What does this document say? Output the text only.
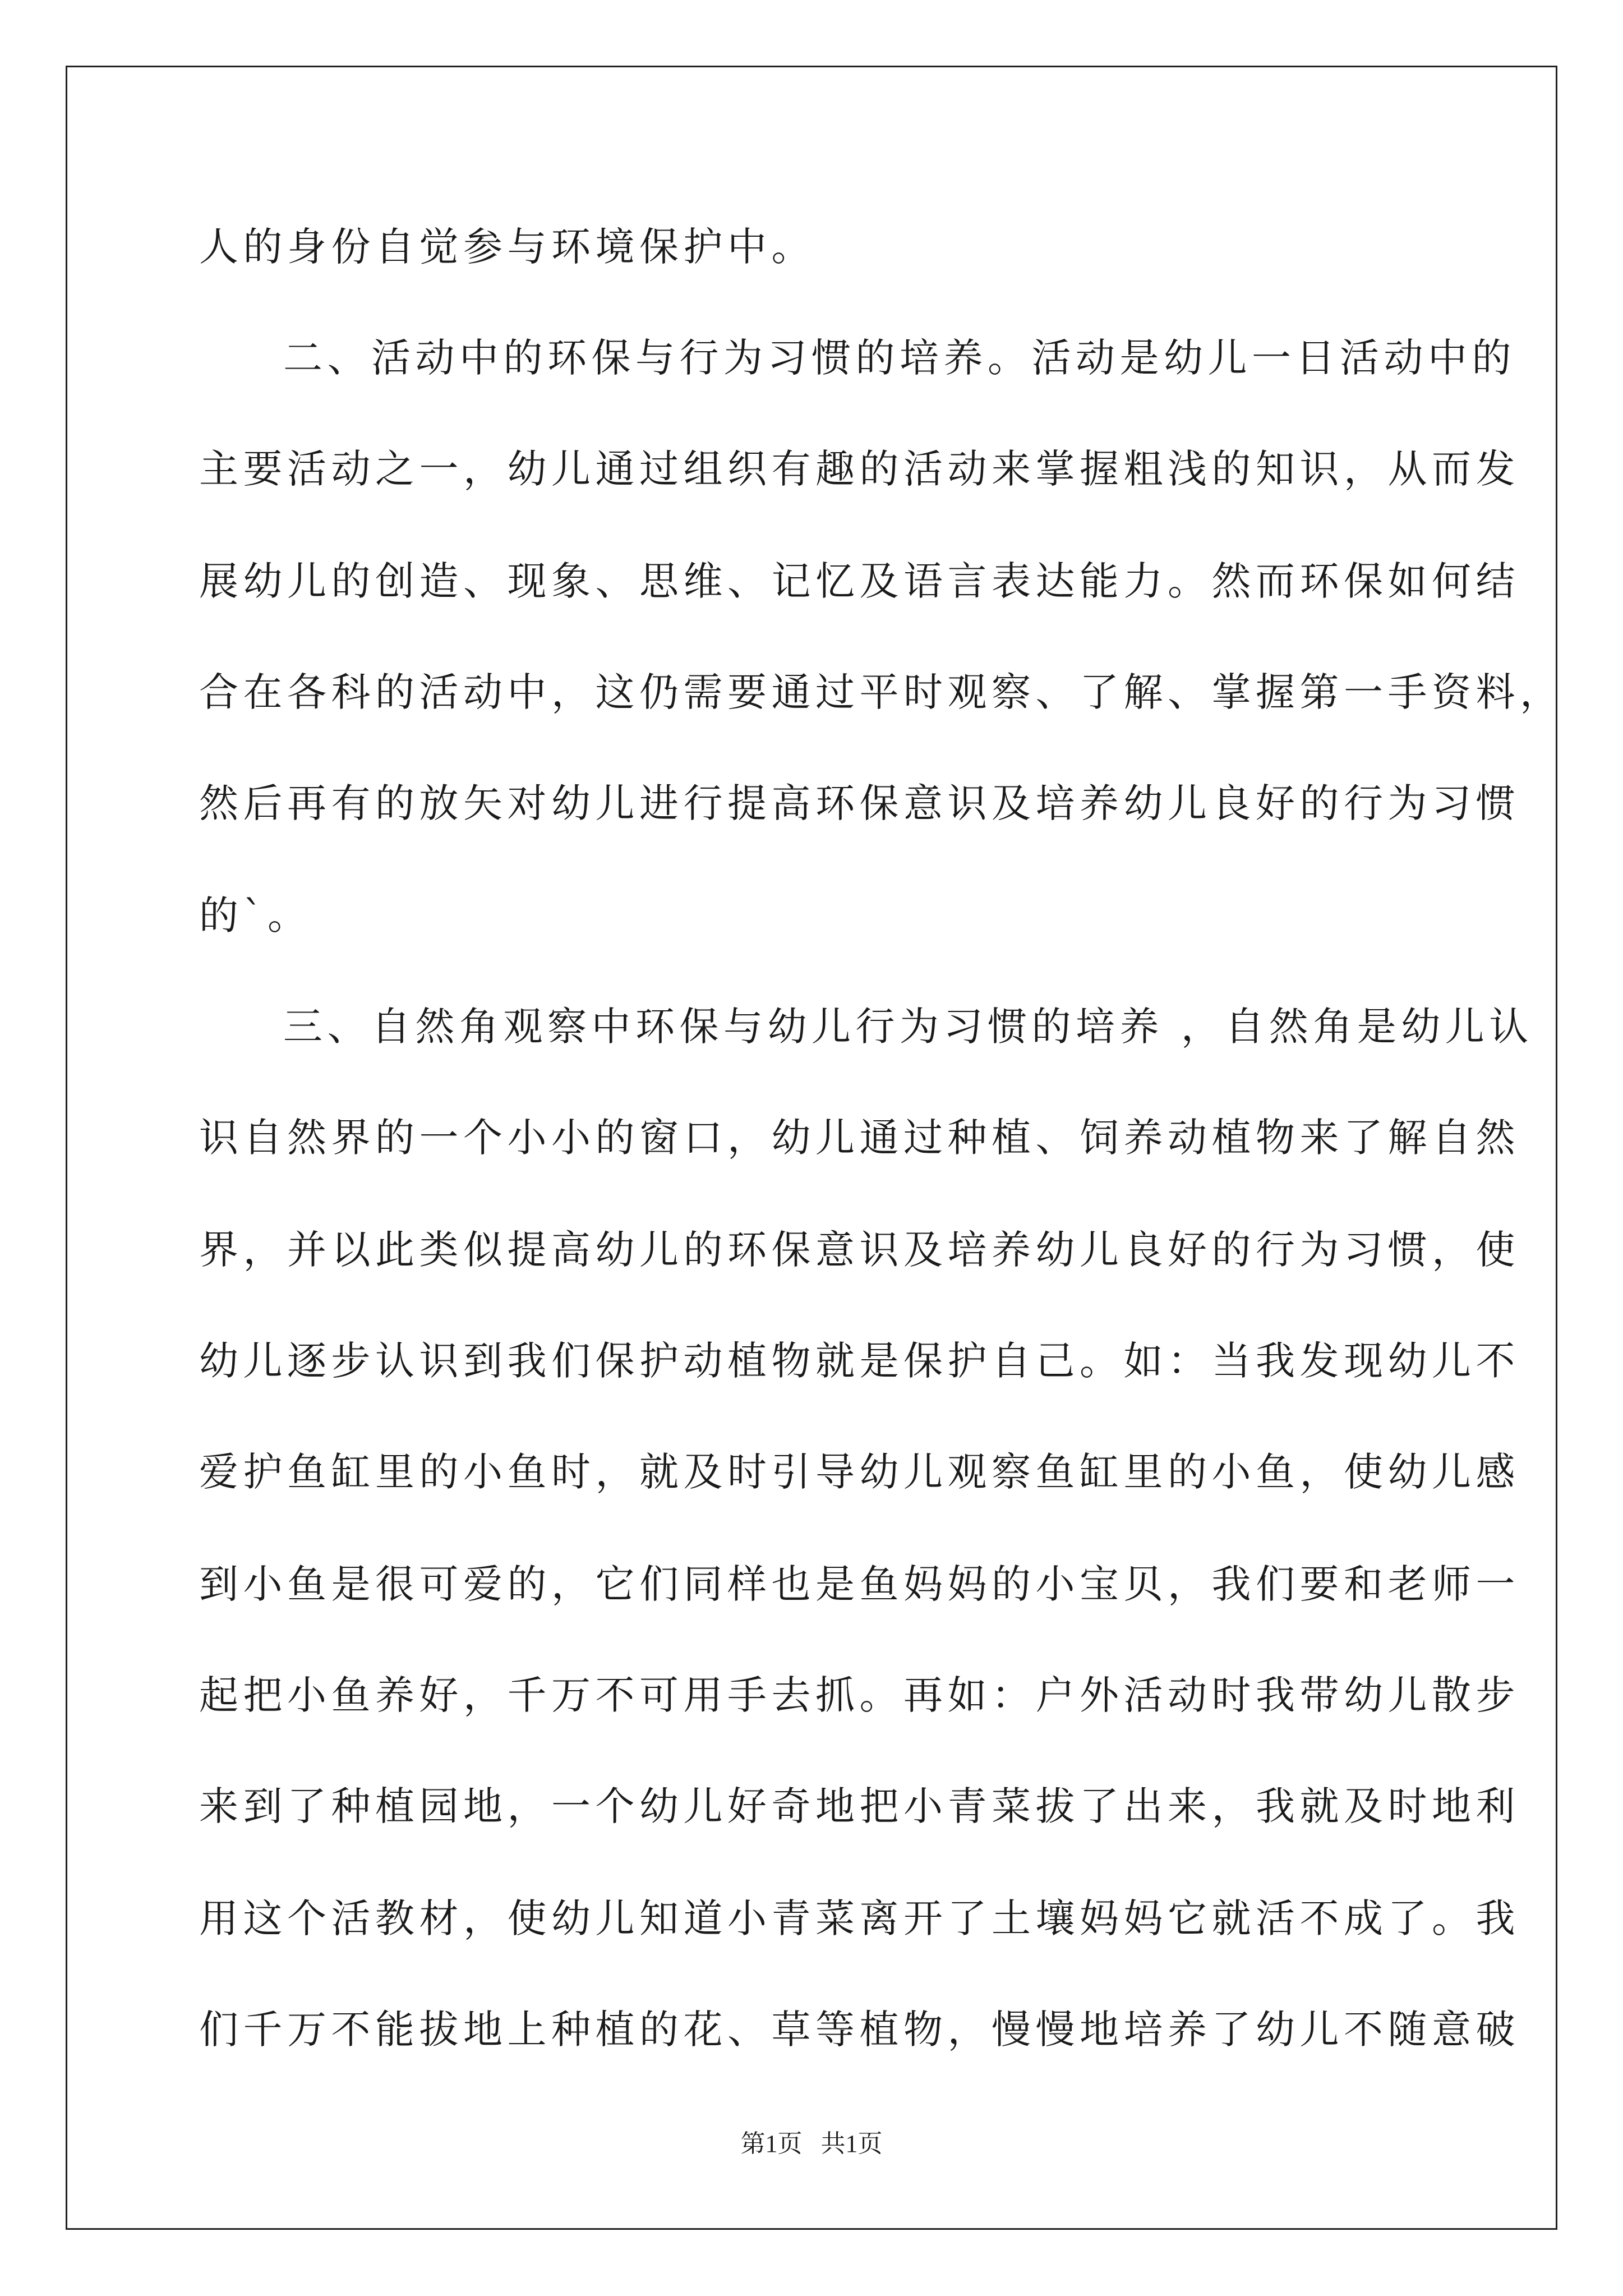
人的身份自觉参与环境保护中。
二、活动中的环保与行为习惯的培养。活动是幼儿一日活动中的
主要活动之一，幼儿通过组织有趣的活动来掌握粗浅的知识，从而发
展幼儿的创造、现象、思维、记忆及语言表达能力。然而环保如何结
合在各科的活动中，这仍需要通过平时观察、了解、掌握第一手资料，
然后再有的放矢对幼儿进行提高环保意识及培养幼儿良好的行为习惯
的`。
三、自然角观察中环保与幼儿行为习惯的培养 ，自然角是幼儿认
识自然界的一个小小的窗口，幼儿通过种植、饲养动植物来了解自然
界，并以此类似提高幼儿的环保意识及培养幼儿良好的行为习惯，使
幼儿逐步认识到我们保护动植物就是保护自己。如：当我发现幼儿不
爱护鱼缸里的小鱼时，就及时引导幼儿观察鱼缸里的小鱼，使幼儿感
到小鱼是很可爱的，它们同样也是鱼妈妈的小宝贝，我们要和老师一
起把小鱼养好，千万不可用手去抓。再如：户外活动时我带幼儿散步
来到了种植园地，一个幼儿好奇地把小青菜拔了出来，我就及时地利
用这个活教材，使幼儿知道小青菜离开了土壤妈妈它就活不成了。我
们千万不能拔地上种植的花、草等植物，慢慢地培养了幼儿不随意破
第1页   共1页
